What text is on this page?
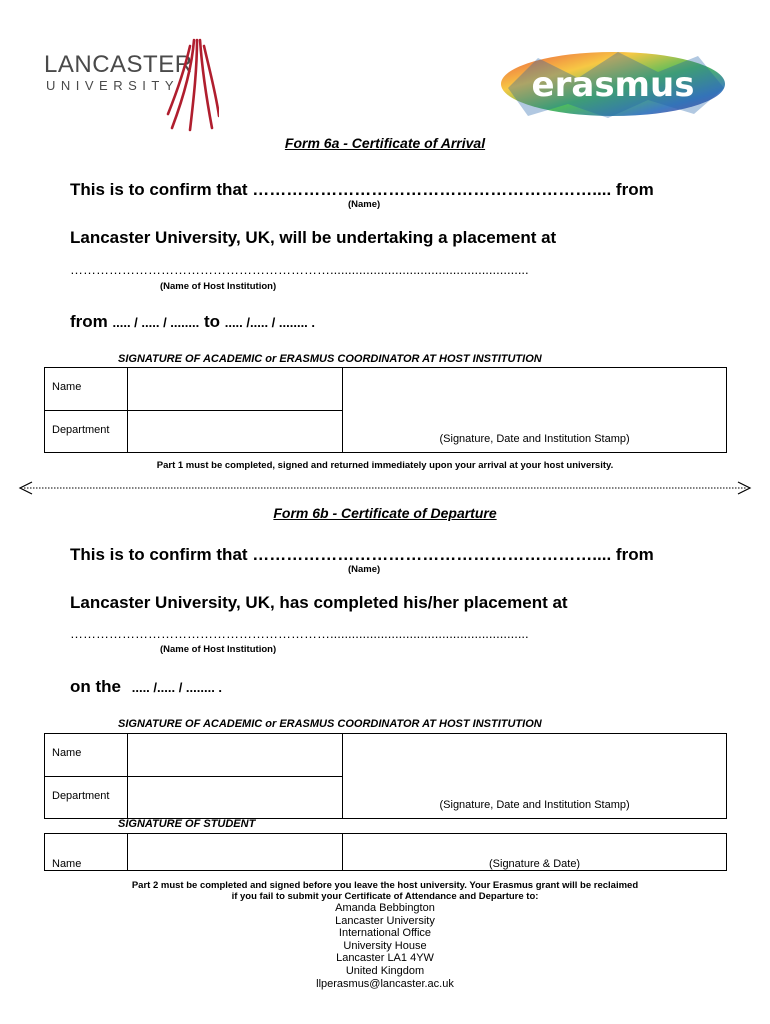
LANCASTER
UNIVERSITY	erasmus
Form 6a - Certificate of Arrival
This is to confirm that …………………………………………………….... from
(Name)
Lancaster University, UK, will be undertaking a placement at
…………………………………………………….......................................................
(Name of Host Institution)
from ..... / ..... / ........ to ..... /..... / ........ .
SIGNATURE OF ACADEMIC or ERASMUS COORDINATOR AT HOST INSTITUTION
Name		(Signature, Date and Institution Stamp)

Department		

Part 1 must be completed, signed and returned immediately upon your arrival at your host university.
Form 6b - Certificate of Departure
This is to confirm that …………………………………………………….... from
(Name)
Lancaster University, UK, has completed his/her placement at
…………………………………………………….......................................................
(Name of Host Institution)
on the ..... /..... / ........ .
SIGNATURE OF ACADEMIC or ERASMUS COORDINATOR AT HOST INSTITUTION
Name		(Signature, Date and Institution Stamp)

Department		

SIGNATURE OF STUDENT
Name		(Signature & Date)
Part 2 must be completed and signed before you leave the host university. Your Erasmus grant will be reclaimed
if you fail to submit your Certificate of Attendance and Departure to:
Amanda Bebbington
Lancaster University
International Office
University House
Lancaster LA1 4YW
United Kingdom
llperasmus@lancaster.ac.uk
